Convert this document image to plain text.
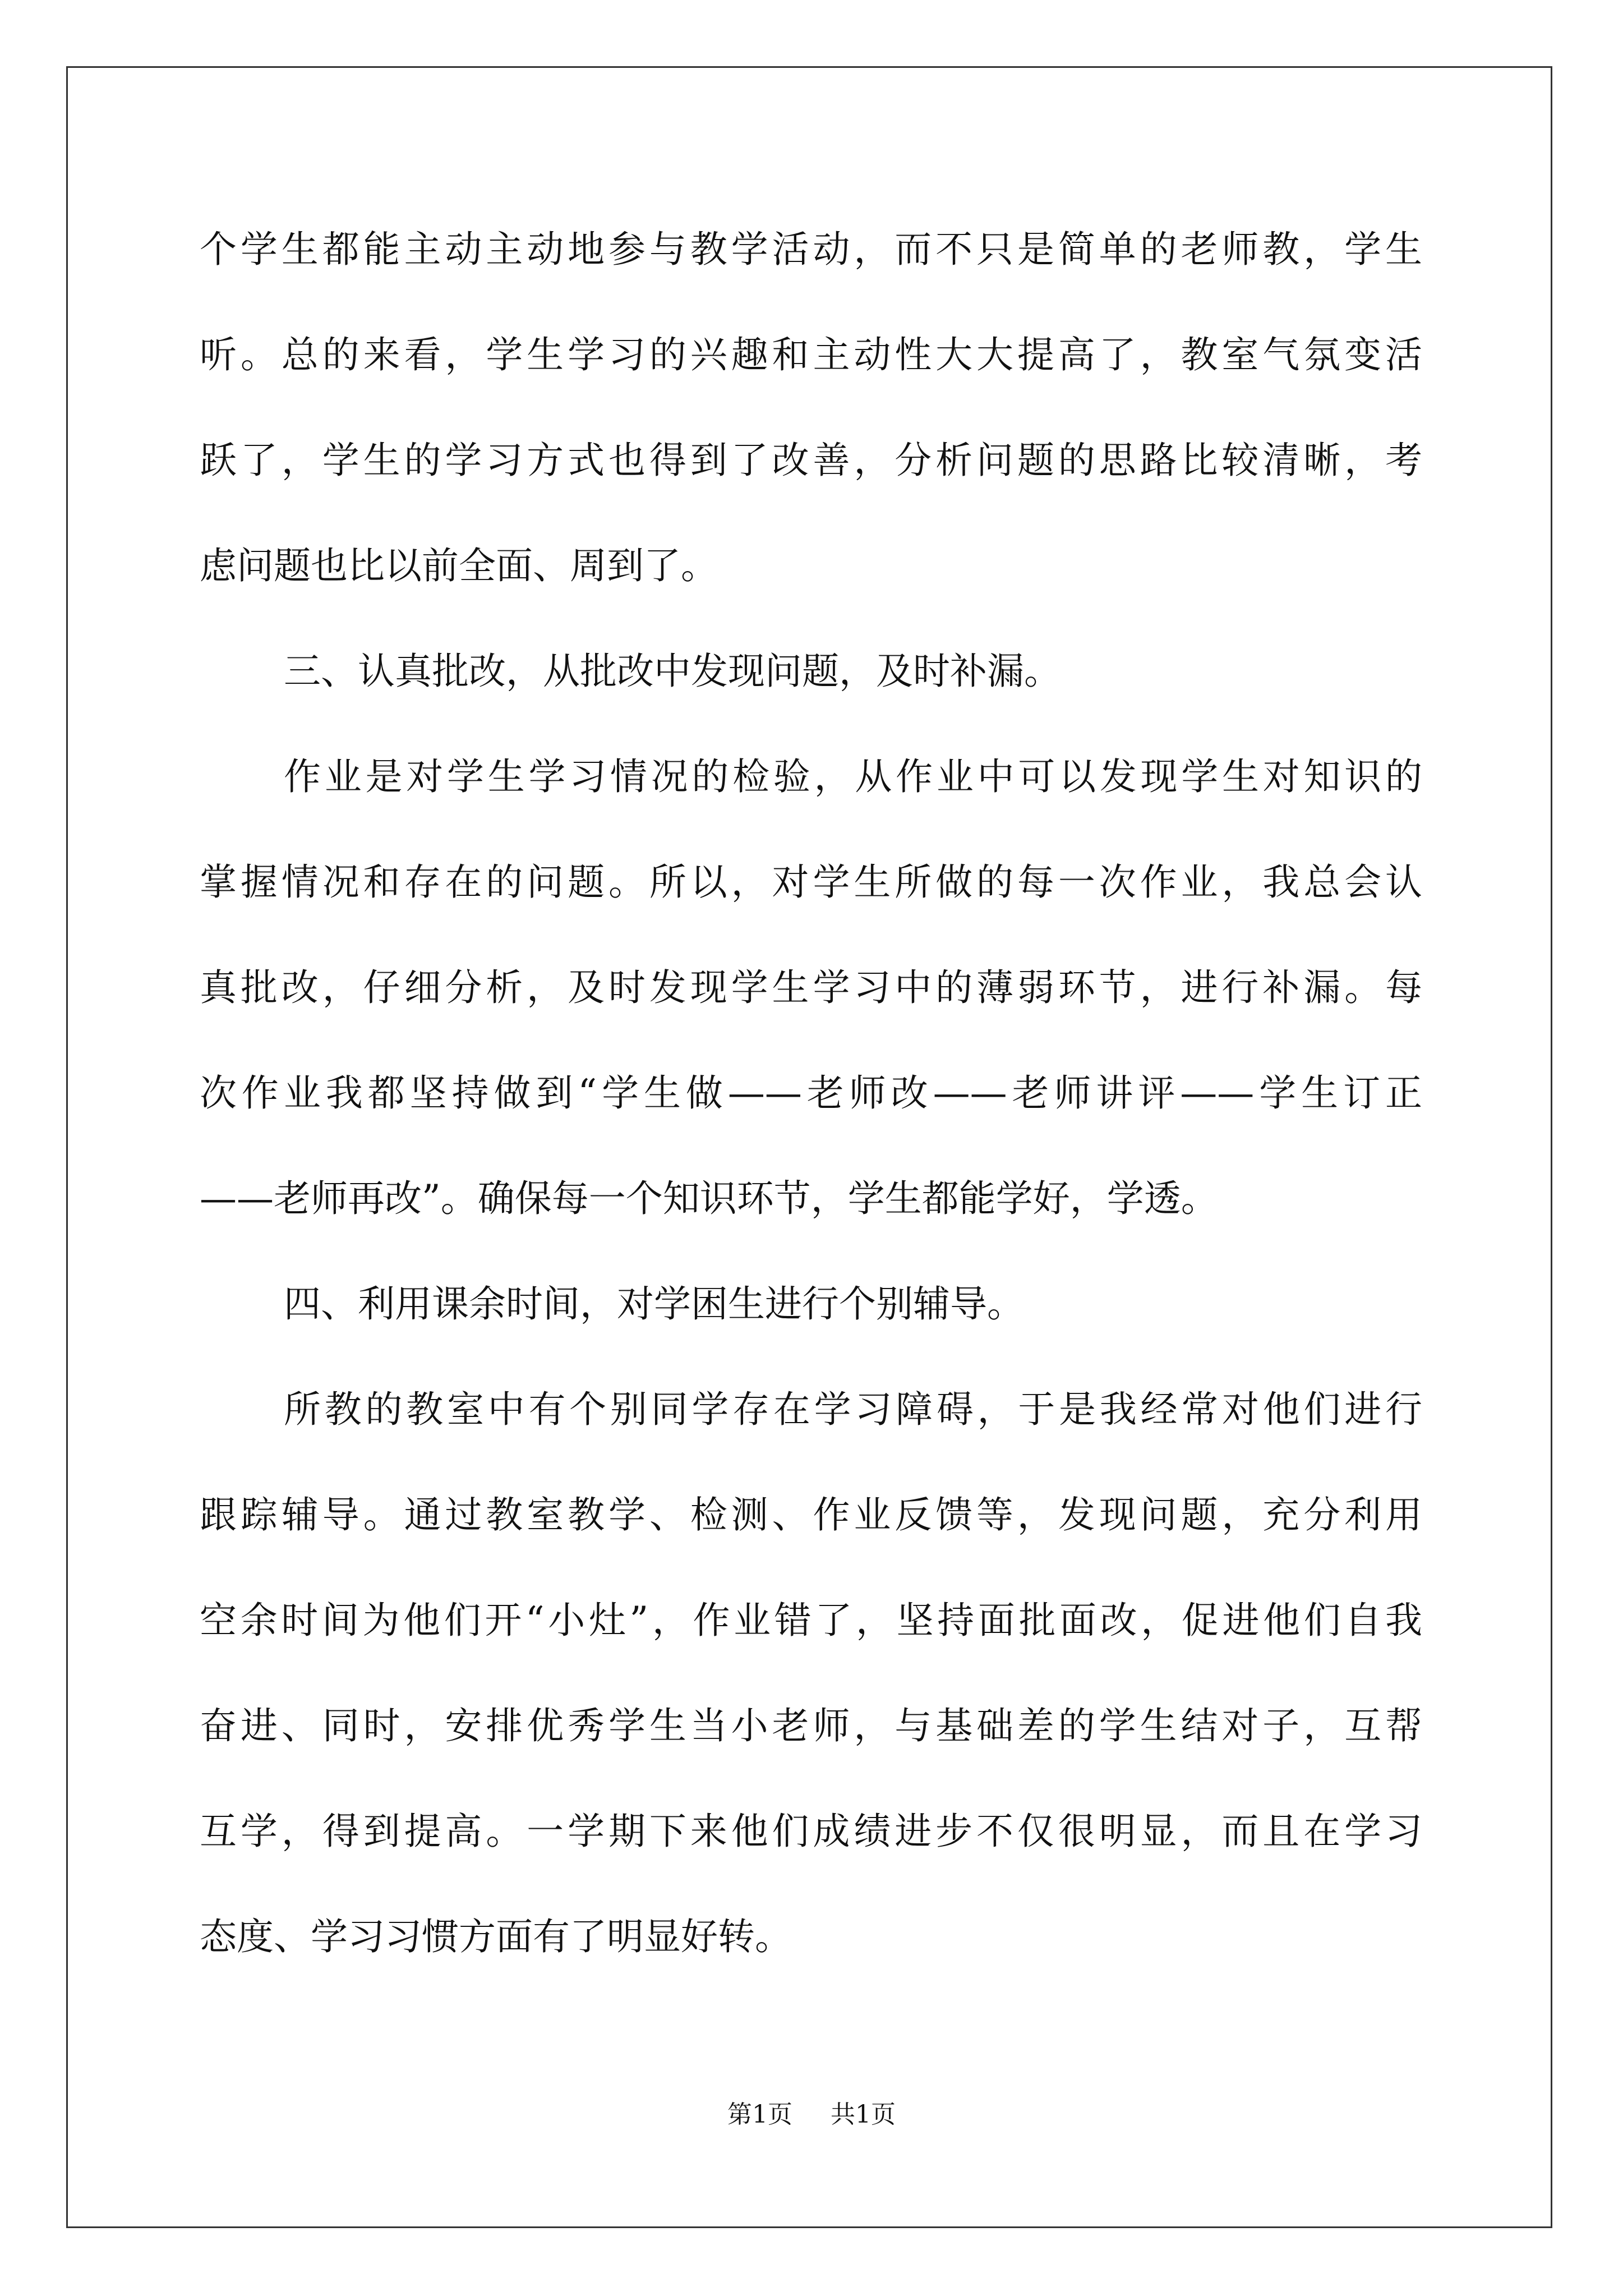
个学生都能主动主动地参与教学活动，而不只是简单的老师教，学生
听。总的来看，学生学习的兴趣和主动性大大提高了，教室气氛变活
跃了，学生的学习方式也得到了改善，分析问题的思路比较清晰，考
虑问题也比以前全面、周到了。
三、认真批改，从批改中发现问题，及时补漏。
作业是对学生学习情况的检验，从作业中可以发现学生对知识的
掌握情况和存在的问题。所以，对学生所做的每一次作业，我总会认
真批改，仔细分析，及时发现学生学习中的薄弱环节，进行补漏。每
次作业我都坚持做到“学生做——老师改——老师讲评——学生订正
——老师再改”。确保每一个知识环节，学生都能学好，学透。
四、利用课余时间，对学困生进行个别辅导。
所教的教室中有个别同学存在学习障碍，于是我经常对他们进行
跟踪辅导。通过教室教学、检测、作业反馈等，发现问题，充分利用
空余时间为他们开“小灶”，作业错了，坚持面批面改，促进他们自我
奋进、同时，安排优秀学生当小老师，与基础差的学生结对子，互帮
互学，得到提高。一学期下来他们成绩进步不仅很明显，而且在学习
态度、学习习惯方面有了明显好转。
第1页 共1页
